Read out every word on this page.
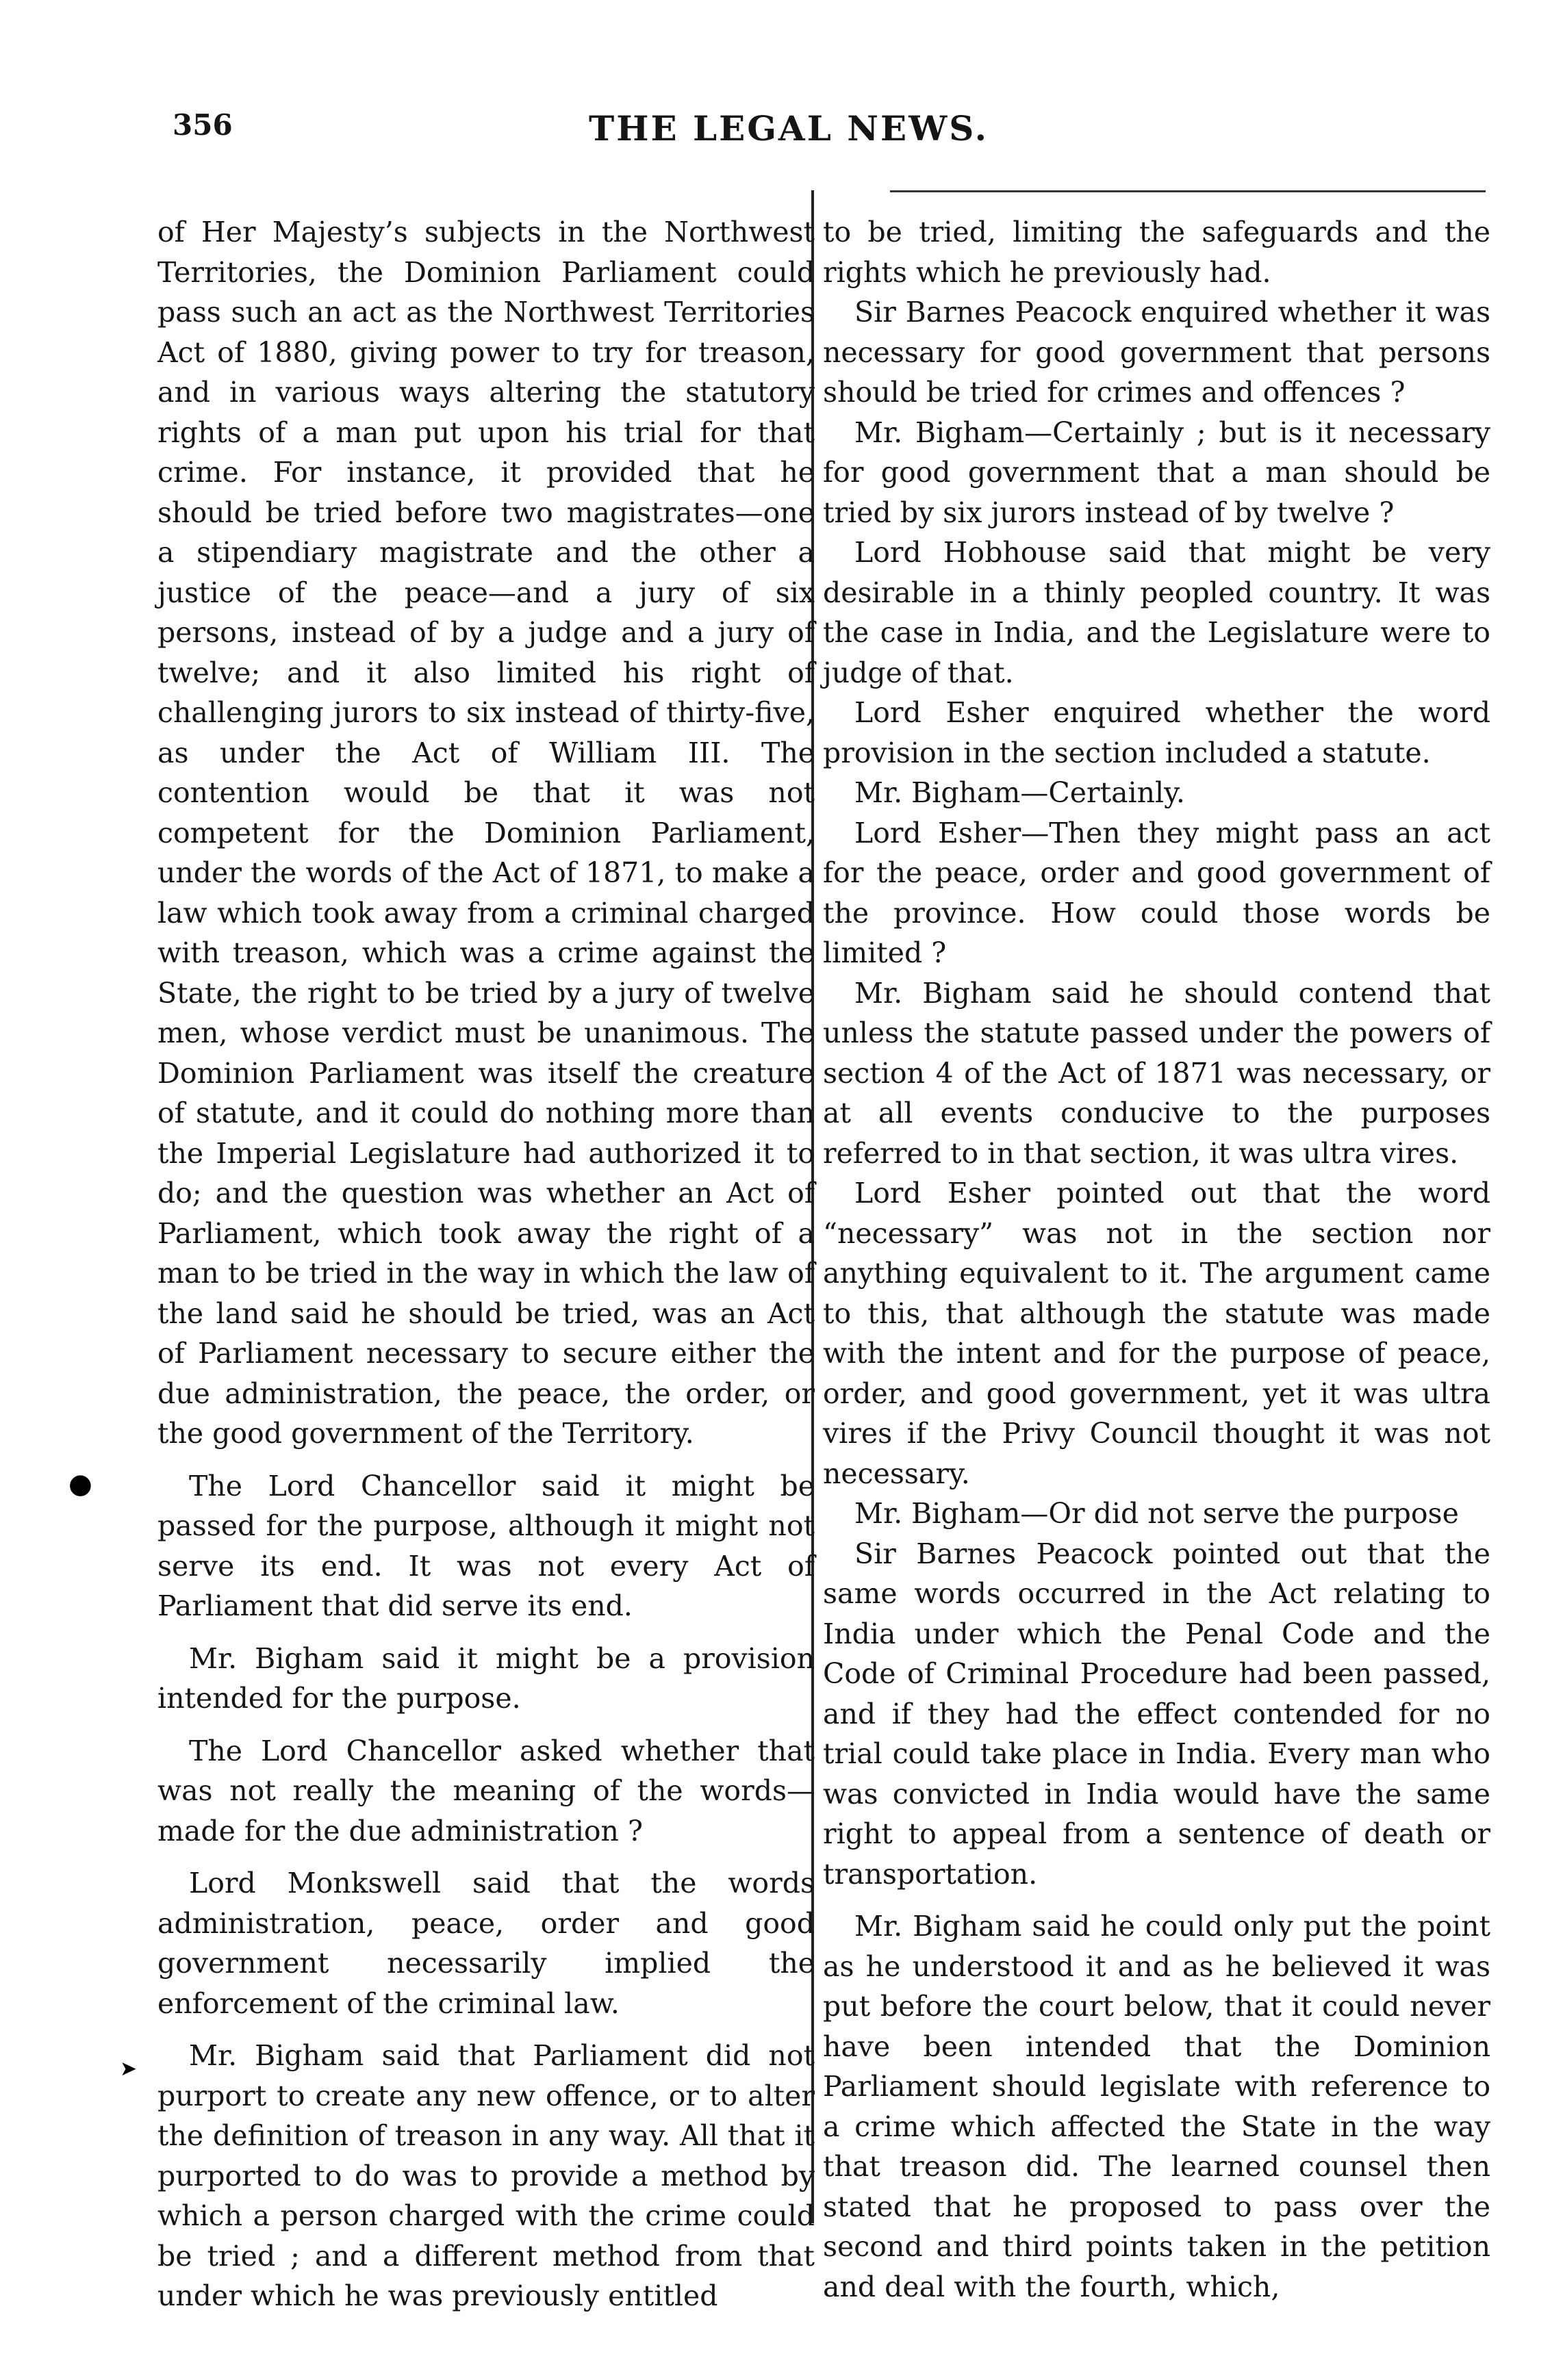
356	THE LEGAL NEWS.

of Her Majesty’s subjects in the Northwest Territories, the Dominion Parliament could pass such an act as the Northwest Territories Act of 1880, giving power to try for treason, and in various ways altering the statutory rights of a man put upon his trial for that crime. For instance, it provided that he should be tried before two magistrates—one a stipendiary magistrate and the other a justice of the peace—and a jury of six persons, instead of by a judge and a jury of twelve; and it also limited his right of challenging jurors to six instead of thirty-five, as under the Act of William III. The contention would be that it was not competent for the Dominion Parliament, under the words of the Act of 1871, to make a law which took away from a criminal charged with treason, which was a crime against the State, the right to be tried by a jury of twelve men, whose verdict must be unanimous. The Dominion Parliament was itself the creature of statute, and it could do nothing more than the Imperial Legislature had authorized it to do; and the question was whether an Act of Parliament, which took away the right of a man to be tried in the way in which the law of the land said he should be tried, was an Act of Parliament necessary to secure either the due administration, the peace, the order, or the good government of the Territory.

The Lord Chancellor said it might be passed for the purpose, although it might not serve its end. It was not every Act of Parliament that did serve its end.

Mr. Bigham said it might be a provision intended for the purpose.

The Lord Chancellor asked whether that was not really the meaning of the words—made for the due administration ?

Lord Monkswell said that the words administration, peace, order and good government necessarily implied the enforcement of the criminal law.

Mr. Bigham said that Parliament did not purport to create any new offence, or to alter the definition of treason in any way. All that it purported to do was to provide a method by which a person charged with the crime could be tried ; and a different method from that under which he was previously entitled

to be tried, limiting the safeguards and the rights which he previously had.

Sir Barnes Peacock enquired whether it was necessary for good government that persons should be tried for crimes and offences ?

Mr. Bigham—Certainly ; but is it necessary for good government that a man should be tried by six jurors instead of by twelve ?

Lord Hobhouse said that might be very desirable in a thinly peopled country. It was the case in India, and the Legislature were to judge of that.

Lord Esher enquired whether the word provision in the section included a statute.

Mr. Bigham—Certainly.

Lord Esher—Then they might pass an act for the peace, order and good government of the province. How could those words be limited ?

Mr. Bigham said he should contend that unless the statute passed under the powers of section 4 of the Act of 1871 was necessary, or at all events conducive to the purposes referred to in that section, it was ultra vires.

Lord Esher pointed out that the word “necessary” was not in the section nor anything equivalent to it. The argument came to this, that although the statute was made with the intent and for the purpose of peace, order, and good government, yet it was ultra vires if the Privy Council thought it was not necessary.

Mr. Bigham—Or did not serve the purpose

Sir Barnes Peacock pointed out that the same words occurred in the Act relating to India under which the Penal Code and the Code of Criminal Procedure had been passed, and if they had the effect contended for no trial could take place in India. Every man who was convicted in India would have the same right to appeal from a sentence of death or transportation.

Mr. Bigham said he could only put the point as he understood it and as he believed it was put before the court below, that it could never have been intended that the Dominion Parliament should legislate with reference to a crime which affected the State in the way that treason did. The learned counsel then stated that he proposed to pass over the second and third points taken in the petition and deal with the fourth, which,

●
➤
